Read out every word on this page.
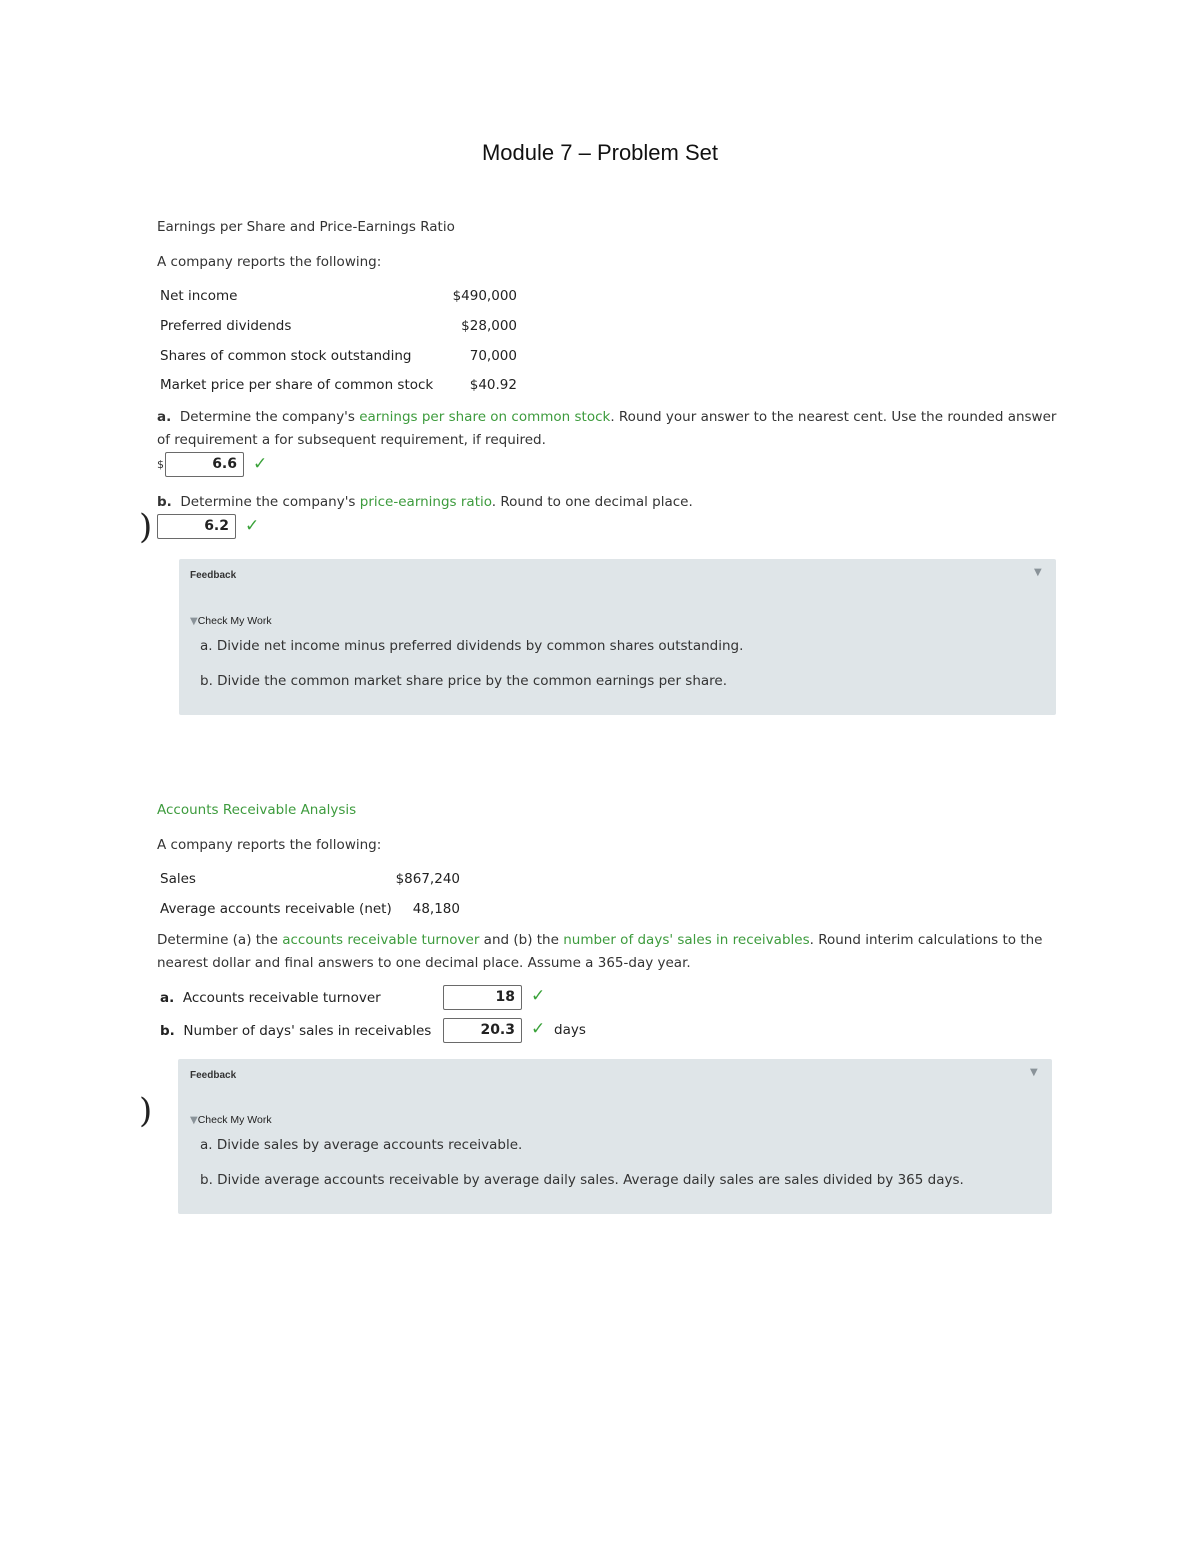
Module 7 – Problem Set
Earnings per Share and Price-Earnings Ratio
A company reports the following:
Net income	$490,000
Preferred dividends	$28,000
Shares of common stock outstanding	70,000
Market price per share of common stock	$40.92
a. Determine the company's earnings per share on common stock. Round your answer to the nearest cent. Use the rounded answer
of requirement a for subsequent requirement, if required.
$	6.6 ✓
b. Determine the company's price-earnings ratio. Round to one decimal place.
)	6.2 ✓
Feedback	▼
▼Check My Work
a. Divide net income minus preferred dividends by common shares outstanding.
b. Divide the common market share price by the common earnings per share.
Accounts Receivable Analysis
A company reports the following:
Sales	$867,240
Average accounts receivable (net)	48,180
Determine (a) the accounts receivable turnover and (b) the number of days' sales in receivables. Round interim calculations to the
nearest dollar and final answers to one decimal place. Assume a 365-day year.
a. Accounts receivable turnover	18 ✓
b. Number of days' sales in receivables	20.3 ✓ days
)
Feedback	▼
▼Check My Work
a. Divide sales by average accounts receivable.
b. Divide average accounts receivable by average daily sales. Average daily sales are sales divided by 365 days.
